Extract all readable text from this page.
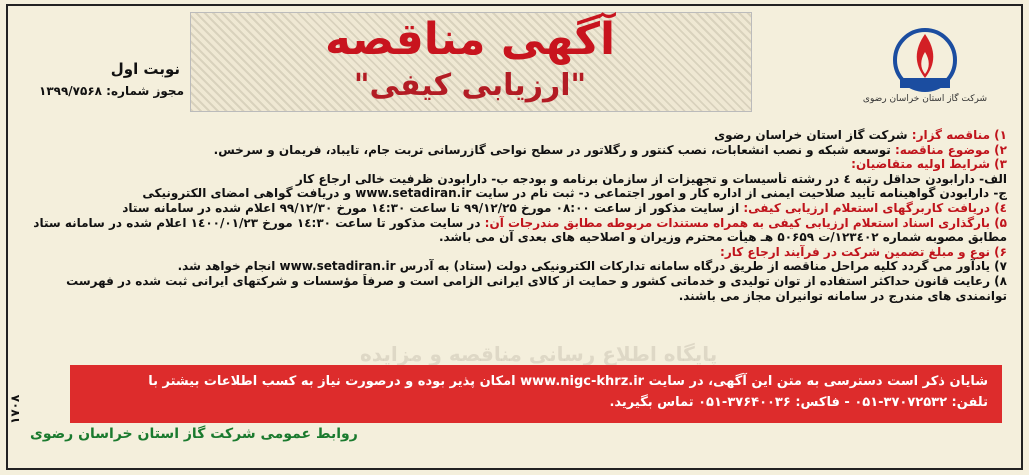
آگهی مناقصه
"ارزیابی کیفی"	شرکت گاز استان خراسان رضوی
نوبت اول
مجوز شماره: ۱۳۹۹/۷۵۶۸
پایگاه اطلاع رسانی مناقصه و مزایده
۱) مناقصه گزار: شرکت گاز استان خراسان رضوی
۲) موضوع مناقصه: توسعه شبکه و نصب انشعابات، نصب کنتور و رگلاتور در سطح نواحی گازرسانی تربت جام، تایباد، فریمان و سرخس.
۳) شرایط اولیه متقاضیان:
الف- دارابودن حداقل رتبه ٤ در رشته تأسیسات و تجهیزات از سازمان برنامه و بودجه ب- دارابودن ظرفیت خالی ارجاع کار
ج- دارابودن گواهینامه تأیید صلاحیت ایمنی از اداره کار و امور اجتماعی د- ثبت نام در سایت www.setadiran.ir و دریافت گواهی امضای الکترونیکی
٤) دریافت کاربرگهای استعلام ارزیابی کیفی: از سایت مذکور از ساعت ۰۸:۰۰ مورخ ۹۹/۱۲/۲۵ تا ساعت ۱٤:۳۰ مورخ ۹۹/۱۲/۳۰ اعلام شده در سامانه ستاد
۵) بارگذاری اسناد استعلام ارزیابی کیفی به همراه مستندات مربوطه مطابق مندرجات آن: در سایت مذکور تا ساعت ۱٤:۳۰ مورخ ۱٤۰۰/۰۱/۲۳ اعلام شده در سامانه ستاد
مطابق مصوبه شماره ۱۲۳٤۰۲/ت ۵۰۶۵۹ هـ هیأت محترم وزیران و اصلاحیه های بعدی آن می باشد.
۶) نوع و مبلغ تضمین شرکت در فرآیند ارجاع کار:
۷) یادآور می گردد کلیه مراحل مناقصه از طریق درگاه سامانه تدارکات الکترونیکی دولت (ستاد) به آدرس www.setadiran.ir انجام خواهد شد.
۸) رعایت قانون حداکثر استفاده از توان تولیدی و خدماتی کشور و حمایت از کالای ایرانی الزامی است و صرفاً مؤسسات و شرکتهای ایرانی ثبت شده در فهرست
توانمندی های مندرج در سامانه توانیران مجاز می باشند.
شایان ذکر است دسترسی به متن این آگهی، در سایت www.nigc-khrz.ir امکان پذیر بوده و درصورت نیاز به کسب اطلاعات بیشتر با
تلفن: ۳۷۰۷۲۵۳۲-۰۵۱ - فاکس: ۳۷۶۴۰۰۳۶-۰۵۱ تماس بگیرید.
روابط عمومی شرکت گاز استان خراسان رضوی
۱۷۰۸
